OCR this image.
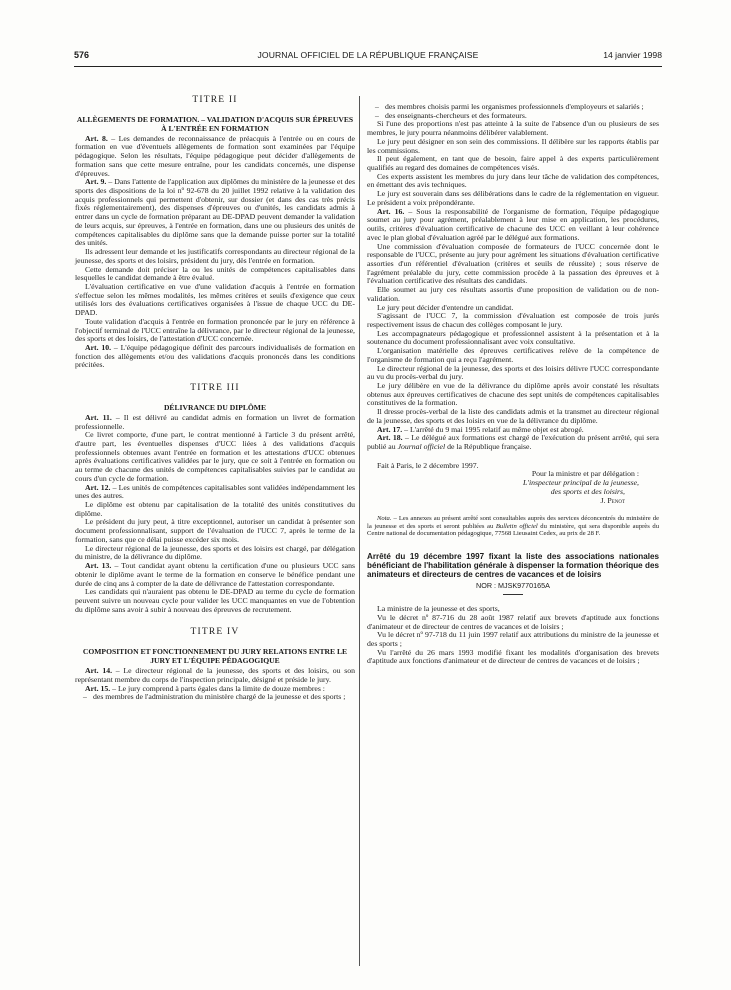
576	JOURNAL OFFICIEL DE LA RÉPUBLIQUE FRANÇAISE	14 janvier 1998

TITRE II

ALLÈGEMENTS DE FORMATION. – VALIDATION D'ACQUIS SUR ÉPREUVES À L'ENTRÉE EN FORMATION

Art. 8. – Les demandes de reconnaissance de préacquis à l'entrée ou en cours de formation en vue d'éventuels allègements de formation sont examinées par l'équipe pédagogique. Selon les résultats, l'équipe pédagogique peut décider d'allègements de formation sans que cette mesure entraîne, pour les candidats concernés, une dispense d'épreuves.

Art. 9. – Dans l'attente de l'application aux diplômes du ministère de la jeunesse et des sports des dispositions de la loi nº 92-678 du 20 juillet 1992 relative à la validation des acquis professionnels qui permettent d'obtenir, sur dossier (et dans des cas très précis fixés réglementairement), des dispenses d'épreuves ou d'unités, les candidats admis à entrer dans un cycle de formation préparant au DE-DPAD peuvent demander la validation de leurs acquis, sur épreuves, à l'entrée en formation, dans une ou plusieurs des unités de compétences capitalisables du diplôme sans que la demande puisse porter sur la totalité des unités.

Ils adressent leur demande et les justificatifs correspondants au directeur régional de la jeunesse, des sports et des loisirs, président du jury, dès l'entrée en formation.

Cette demande doit préciser la ou les unités de compétences capitalisables dans lesquelles le candidat demande à être évalué.

L'évaluation certificative en vue d'une validation d'acquis à l'entrée en formation s'effectue selon les mêmes modalités, les mêmes critères et seuils d'exigence que ceux utilisés lors des évaluations certificatives organisées à l'issue de chaque UCC du DE-DPAD.

Toute validation d'acquis à l'entrée en formation prononcée par le jury en référence à l'objectif terminal de l'UCC entraîne la délivrance, par le directeur régional de la jeunesse, des sports et des loisirs, de l'attestation d'UCC concernée.

Art. 10. – L'équipe pédagogique définit des parcours individualisés de formation en fonction des allègements et/ou des validations d'acquis prononcés dans les conditions précitées.

TITRE III

DÉLIVRANCE DU DIPLÔME

Art. 11. – Il est délivré au candidat admis en formation un livret de formation professionnelle.

Ce livret comporte, d'une part, le contrat mentionné à l'article 3 du présent arrêté, d'autre part, les éventuelles dispenses d'UCC liées à des validations d'acquis professionnels obtenues avant l'entrée en formation et les attestations d'UCC obtenues après évaluations certificatives validées par le jury, que ce soit à l'entrée en formation ou au terme de chacune des unités de compétences capitalisables suivies par le candidat au cours d'un cycle de formation.

Art. 12. – Les unités de compétences capitalisables sont validées indépendamment les unes des autres.

Le diplôme est obtenu par capitalisation de la totalité des unités constitutives du diplôme.

Le président du jury peut, à titre exceptionnel, autoriser un candidat à présenter son document professionnalisant, support de l'évaluation de l'UCC 7, après le terme de la formation, sans que ce délai puisse excéder six mois.

Le directeur régional de la jeunesse, des sports et des loisirs est chargé, par délégation du ministre, de la délivrance du diplôme.

Art. 13. – Tout candidat ayant obtenu la certification d'une ou plusieurs UCC sans obtenir le diplôme avant le terme de la formation en conserve le bénéfice pendant une durée de cinq ans à compter de la date de délivrance de l'attestation correspondante.

Les candidats qui n'auraient pas obtenu le DE-DPAD au terme du cycle de formation peuvent suivre un nouveau cycle pour valider les UCC manquantes en vue de l'obtention du diplôme sans avoir à subir à nouveau des épreuves de recrutement.

TITRE IV

COMPOSITION ET FONCTIONNEMENT DU JURY RELATIONS ENTRE LE JURY ET L'ÉQUIPE PÉDAGOGIQUE

Art. 14. – Le directeur régional de la jeunesse, des sports et des loisirs, ou son représentant membre du corps de l'inspection principale, désigné et préside le jury.

Art. 15. – Le jury comprend à parts égales dans la limite de douze membres :

– des membres de l'administration du ministère chargé de la jeunesse et des sports ;

– des membres choisis parmi les organismes professionnels d'employeurs et salariés ;

– des enseignants-chercheurs et des formateurs.

Si l'une des proportions n'est pas atteinte à la suite de l'absence d'un ou plusieurs de ses membres, le jury pourra néanmoins délibérer valablement.

Le jury peut désigner en son sein des commissions. Il délibère sur les rapports établis par les commissions.

Il peut également, en tant que de besoin, faire appel à des experts particulièrement qualifiés au regard des domaines de compétences visés.

Ces experts assistent les membres du jury dans leur tâche de validation des compétences, en émettant des avis techniques.

Le jury est souverain dans ses délibérations dans le cadre de la réglementation en vigueur. Le président a voix prépondérante.

Art. 16. – Sous la responsabilité de l'organisme de formation, l'équipe pédagogique soumet au jury pour agrément, préalablement à leur mise en application, les procédures, outils, critères d'évaluation certificative de chacune des UCC en veillant à leur cohérence avec le plan global d'évaluation agréé par le délégué aux formations.

Une commission d'évaluation composée de formateurs de l'UCC concernée dont le responsable de l'UCC, présente au jury pour agrément les situations d'évaluation certificative assorties d'un référentiel d'évaluation (critères et seuils de réussite) ; sous réserve de l'agrément préalable du jury, cette commission procède à la passation des épreuves et à l'évaluation certificative des résultats des candidats.

Elle soumet au jury ces résultats assortis d'une proposition de validation ou de non-validation.

Le jury peut décider d'entendre un candidat.

S'agissant de l'UCC 7, la commission d'évaluation est composée de trois jurés respectivement issus de chacun des collèges composant le jury.

Les accompagnateurs pédagogique et professionnel assistent à la présentation et à la soutenance du document professionnalisant avec voix consultative.

L'organisation matérielle des épreuves certificatives relève de la compétence de l'organisme de formation qui a reçu l'agrément.

Le directeur régional de la jeunesse, des sports et des loisirs délivre l'UCC correspondante au vu du procès-verbal du jury.

Le jury délibère en vue de la délivrance du diplôme après avoir constaté les résultats obtenus aux épreuves certificatives de chacune des sept unités de compétences capitalisables constitutives de la formation.

Il dresse procès-verbal de la liste des candidats admis et la transmet au directeur régional de la jeunesse, des sports et des loisirs en vue de la délivrance du diplôme.

Art. 17. – L'arrêté du 9 mai 1995 relatif au même objet est abrogé.

Art. 18. – Le délégué aux formations est chargé de l'exécution du présent arrêté, qui sera publié au Journal officiel de la République française.

Fait à Paris, le 2 décembre 1997.

Pour la ministre et par délégation :

L'inspecteur principal de la jeunesse,

des sports et des loisirs,

J. Penot

Nota. – Les annexes au présent arrêté sont consultables auprès des services déconcentrés du ministère de la jeunesse et des sports et seront publiées au Bulletin officiel du ministère, qui sera disponible auprès du Centre national de documentation pédagogique, 77568 Lieusaint Cedex, au prix de 28 F.

Arrêté du 19 décembre 1997 fixant la liste des associations nationales bénéficiant de l'habilitation générale à dispenser la formation théorique des animateurs et directeurs de centres de vacances et de loisirs

NOR : MJSK9770165A

La ministre de la jeunesse et des sports,

Vu le décret nº 87-716 du 28 août 1987 relatif aux brevets d'aptitude aux fonctions d'animateur et de directeur de centres de vacances et de loisirs ;

Vu le décret nº 97-718 du 11 juin 1997 relatif aux attributions du ministre de la jeunesse et des sports ;

Vu l'arrêté du 26 mars 1993 modifié fixant les modalités d'organisation des brevets d'aptitude aux fonctions d'animateur et de directeur de centres de vacances et de loisirs ;
